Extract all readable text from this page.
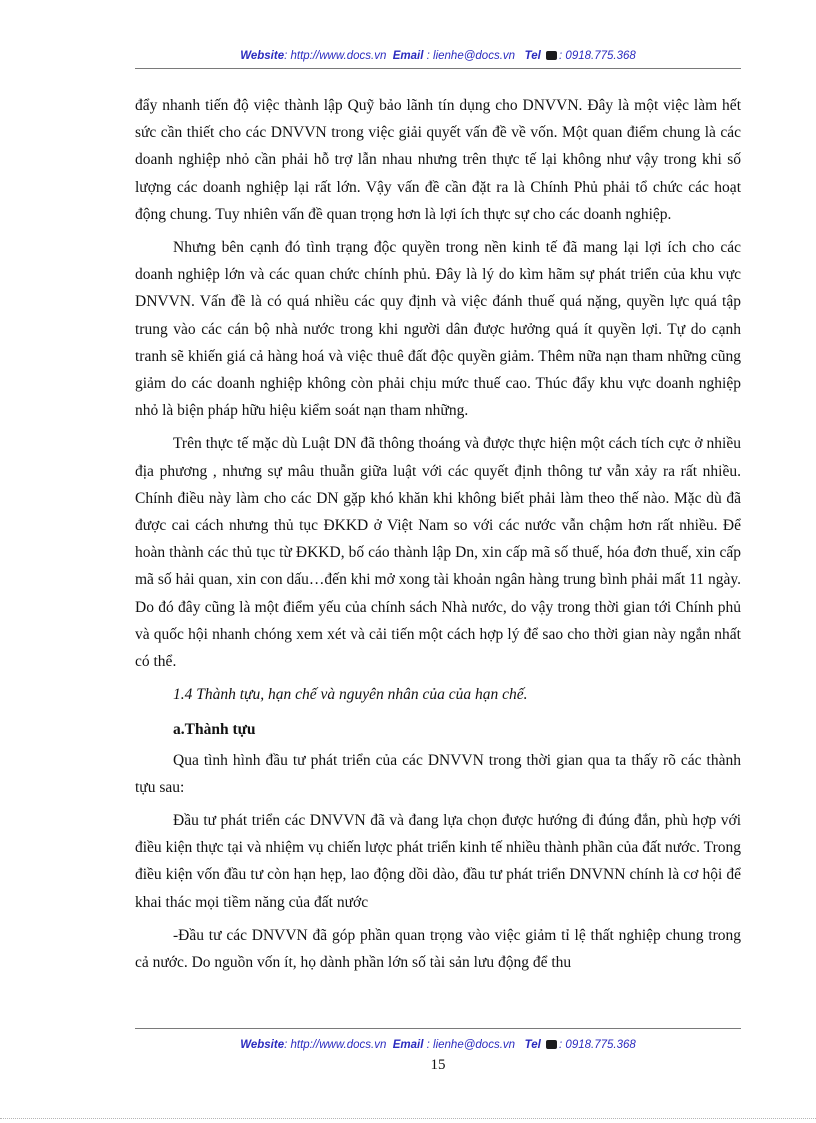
Website: http://www.docs.vn Email : lienhe@docs.vn Tel : 0918.775.368

đẩy nhanh tiến độ việc thành lập Quỹ bảo lãnh tín dụng cho DNVVN. Đây là một việc làm hết sức cần thiết cho các DNVVN trong việc giải quyết vấn đề về vốn. Một quan điểm chung là các doanh nghiệp nhỏ cần phải hỗ trợ lẫn nhau nhưng trên thực tế lại không như vậy trong khi số lượng các doanh nghiệp lại rất lớn. Vậy vấn đề cần đặt ra là Chính Phủ phải tổ chức các hoạt động chung. Tuy nhiên vấn đề quan trọng hơn là lợi ích thực sự cho các doanh nghiệp.

Nhưng bên cạnh đó tình trạng độc quyền trong nền kinh tế đã mang lại lợi ích cho các doanh nghiệp lớn và các quan chức chính phủ. Đây là lý do kìm hãm sự phát triển của khu vực DNVVN. Vấn đề là có quá nhiều các quy định và việc đánh thuế quá nặng, quyền lực quá tập trung vào các cán bộ nhà nước trong khi người dân được hưởng quá ít quyền lợi. Tự do cạnh tranh sẽ khiến giá cả hàng hoá và việc thuê đất độc quyền giảm. Thêm nữa nạn tham những cũng giảm do các doanh nghiệp không còn phải chịu mức thuế cao. Thúc đẩy khu vực doanh nghiệp nhỏ là biện pháp hữu hiệu kiểm soát nạn tham những.

Trên thực tế mặc dù Luật DN đã thông thoáng và được thực hiện một cách tích cực ở nhiều địa phương , nhưng sự mâu thuẫn giữa luật với các quyết định thông tư vẫn xảy ra rất nhiều. Chính điều này làm cho các DN gặp khó khăn khi không biết phải làm theo thế nào. Mặc dù đã được cai cách nhưng thủ tục ĐKKD ở Việt Nam so với các nước vẫn chậm hơn rất nhiều. Để hoàn thành các thủ tục từ ĐKKD, bố cáo thành lập Dn, xin cấp mã số thuế, hóa đơn thuế, xin cấp mã số hải quan, xin con dấu…đến khi mở xong tài khoản ngân hàng trung bình phải mất 11 ngày. Do đó đây cũng là một điểm yếu của chính sách Nhà nước, do vậy trong thời gian tới Chính phủ và quốc hội nhanh chóng xem xét và cải tiến một cách hợp lý để sao cho thời gian này ngắn nhất có thể.

1.4 Thành tựu, hạn chế và nguyên nhân của của hạn chế.

a.Thành tựu

Qua tình hình đầu tư phát triển của các DNVVN trong thời gian qua ta thấy rõ các thành tựu sau:

Đầu tư phát triển các DNVVN đã và đang lựa chọn được hướng đi đúng đắn, phù hợp với điều kiện thực tại và nhiệm vụ chiến lược phát triển kinh tế nhiều thành phần của đất nước. Trong điều kiện vốn đầu tư còn hạn hẹp, lao động dồi dào, đầu tư phát triển DNVNN chính là cơ hội để khai thác mọi tiềm năng của đất nước

-Đầu tư các DNVVN đã góp phần quan trọng vào việc giảm tỉ lệ thất nghiệp chung trong cả nước. Do nguồn vốn ít, họ dành phần lớn số tài sản lưu động để thu

Website: http://www.docs.vn Email : lienhe@docs.vn Tel : 0918.775.368
15
